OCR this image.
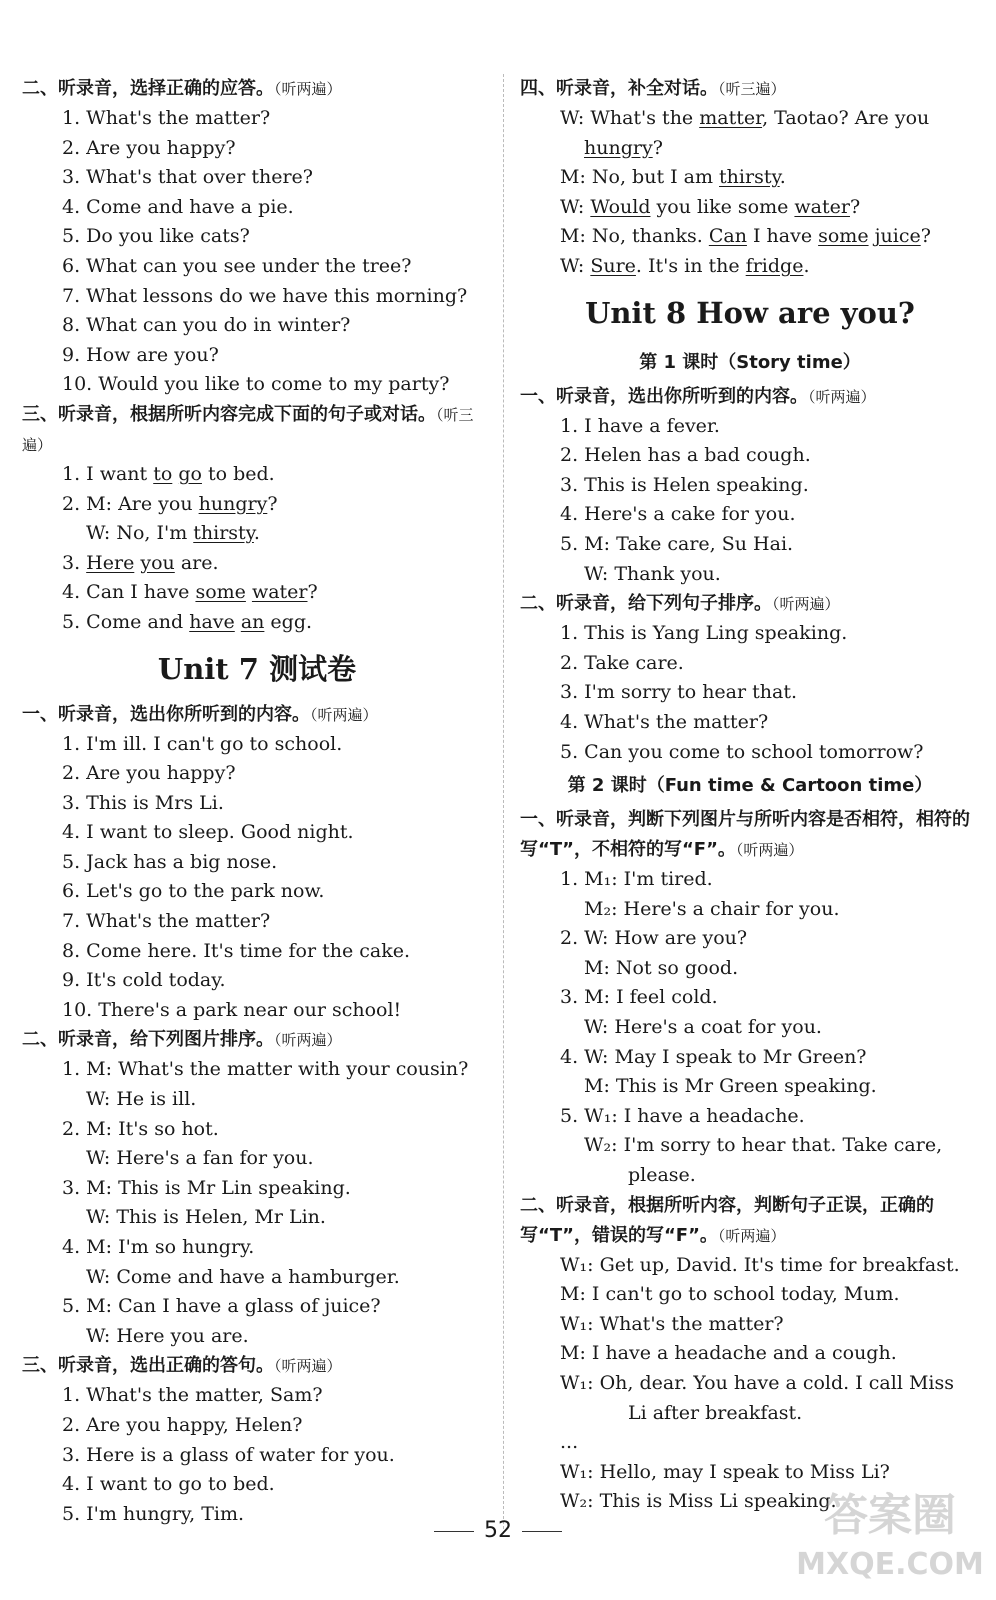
二、听录音，选择正确的应答。（听两遍）
1. What's the matter?
2. Are you happy?
3. What's that over there?
4. Come and have a pie.
5. Do you like cats?
6. What can you see under the tree?
7. What lessons do we have this morning?
8. What can you do in winter?
9. How are you?
10. Would you like to come to my party?
三、听录音，根据所听内容完成下面的句子或对话。（听三遍）
1. I want to go to bed.
2. M: Are you hungry?
W: No, I'm thirsty.
3. Here you are.
4. Can I have some water?
5. Come and have an egg.
Unit 7 测试卷
一、听录音，选出你所听到的内容。（听两遍）
1. I'm ill. I can't go to school.
2. Are you happy?
3. This is Mrs Li.
4. I want to sleep. Good night.
5. Jack has a big nose.
6. Let's go to the park now.
7. What's the matter?
8. Come here. It's time for the cake.
9. It's cold today.
10. There's a park near our school!
二、听录音，给下列图片排序。（听两遍）
1. M: What's the matter with your cousin?
W: He is ill.
2. M: It's so hot.
W: Here's a fan for you.
3. M: This is Mr Lin speaking.
W: This is Helen, Mr Lin.
4. M: I'm so hungry.
W: Come and have a hamburger.
5. M: Can I have a glass of juice?
W: Here you are.
三、听录音，选出正确的答句。（听两遍）
1. What's the matter, Sam?
2. Are you happy, Helen?
3. Here is a glass of water for you.
4. I want to go to bed.
5. I'm hungry, Tim.
四、听录音，补全对话。（听三遍）
W: What's the matter, Taotao? Are you
hungry?
M: No, but I am thirsty.
W: Would you like some water?
M: No, thanks. Can I have some juice?
W: Sure. It's in the fridge.
Unit 8 How are you?
第 1 课时（Story time）
一、听录音，选出你所听到的内容。（听两遍）
1. I have a fever.
2. Helen has a bad cough.
3. This is Helen speaking.
4. Here's a cake for you.
5. M: Take care, Su Hai.
W: Thank you.
二、听录音，给下列句子排序。（听两遍）
1. This is Yang Ling speaking.
2. Take care.
3. I'm sorry to hear that.
4. What's the matter?
5. Can you come to school tomorrow?
第 2 课时（Fun time & Cartoon time）
一、听录音，判断下列图片与所听内容是否相符，相符的写“T”，不相符的写“F”。（听两遍）
1. M₁: I'm tired.
M₂: Here's a chair for you.
2. W: How are you?
M: Not so good.
3. M: I feel cold.
W: Here's a coat for you.
4. W: May I speak to Mr Green?
M: This is Mr Green speaking.
5. W₁: I have a headache.
W₂: I'm sorry to hear that. Take care,
please.
二、听录音，根据所听内容，判断句子正误，正确的写“T”，错误的写“F”。（听两遍）
W₁: Get up, David. It's time for breakfast.
M: I can't go to school today, Mum.
W₁: What's the matter?
M: I have a headache and a cough.
W₁: Oh, dear. You have a cold. I call Miss
Li after breakfast.
...
W₁: Hello, may I speak to Miss Li?
W₂: This is Miss Li speaking.
52	答案圈
MXQE.COM
